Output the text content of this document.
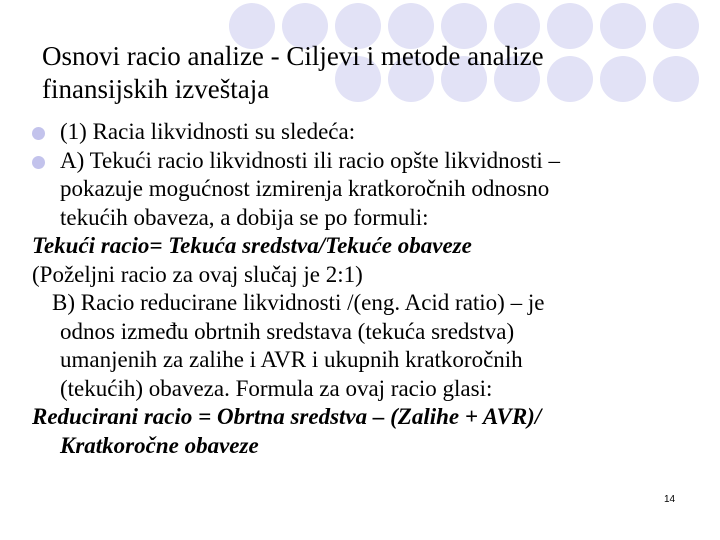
Osnovi racio analize - Ciljevi i metode analize
finansijskih izveštaja
(1) Racia likvidnosti su sledeća:
A) Tekući racio likvidnosti ili racio opšte likvidnosti –
pokazuje mogućnost izmirenja kratkoročnih odnosno
tekućih obaveza, a dobija se po formuli:
Tekući racio= Tekuća sredstva/Tekuće obaveze
(Poželjni racio za ovaj slučaj je 2:1)
B) Racio reducirane likvidnosti /(eng. Acid ratio) – je
odnos između obrtnih sredstava (tekuća sredstva)
umanjenih za zalihe i AVR i ukupnih kratkoročnih
(tekućih) obaveza. Formula za ovaj racio glasi:
Reducirani racio = Obrtna sredstva – (Zalihe + AVR)/
Kratkoročne obaveze
14
